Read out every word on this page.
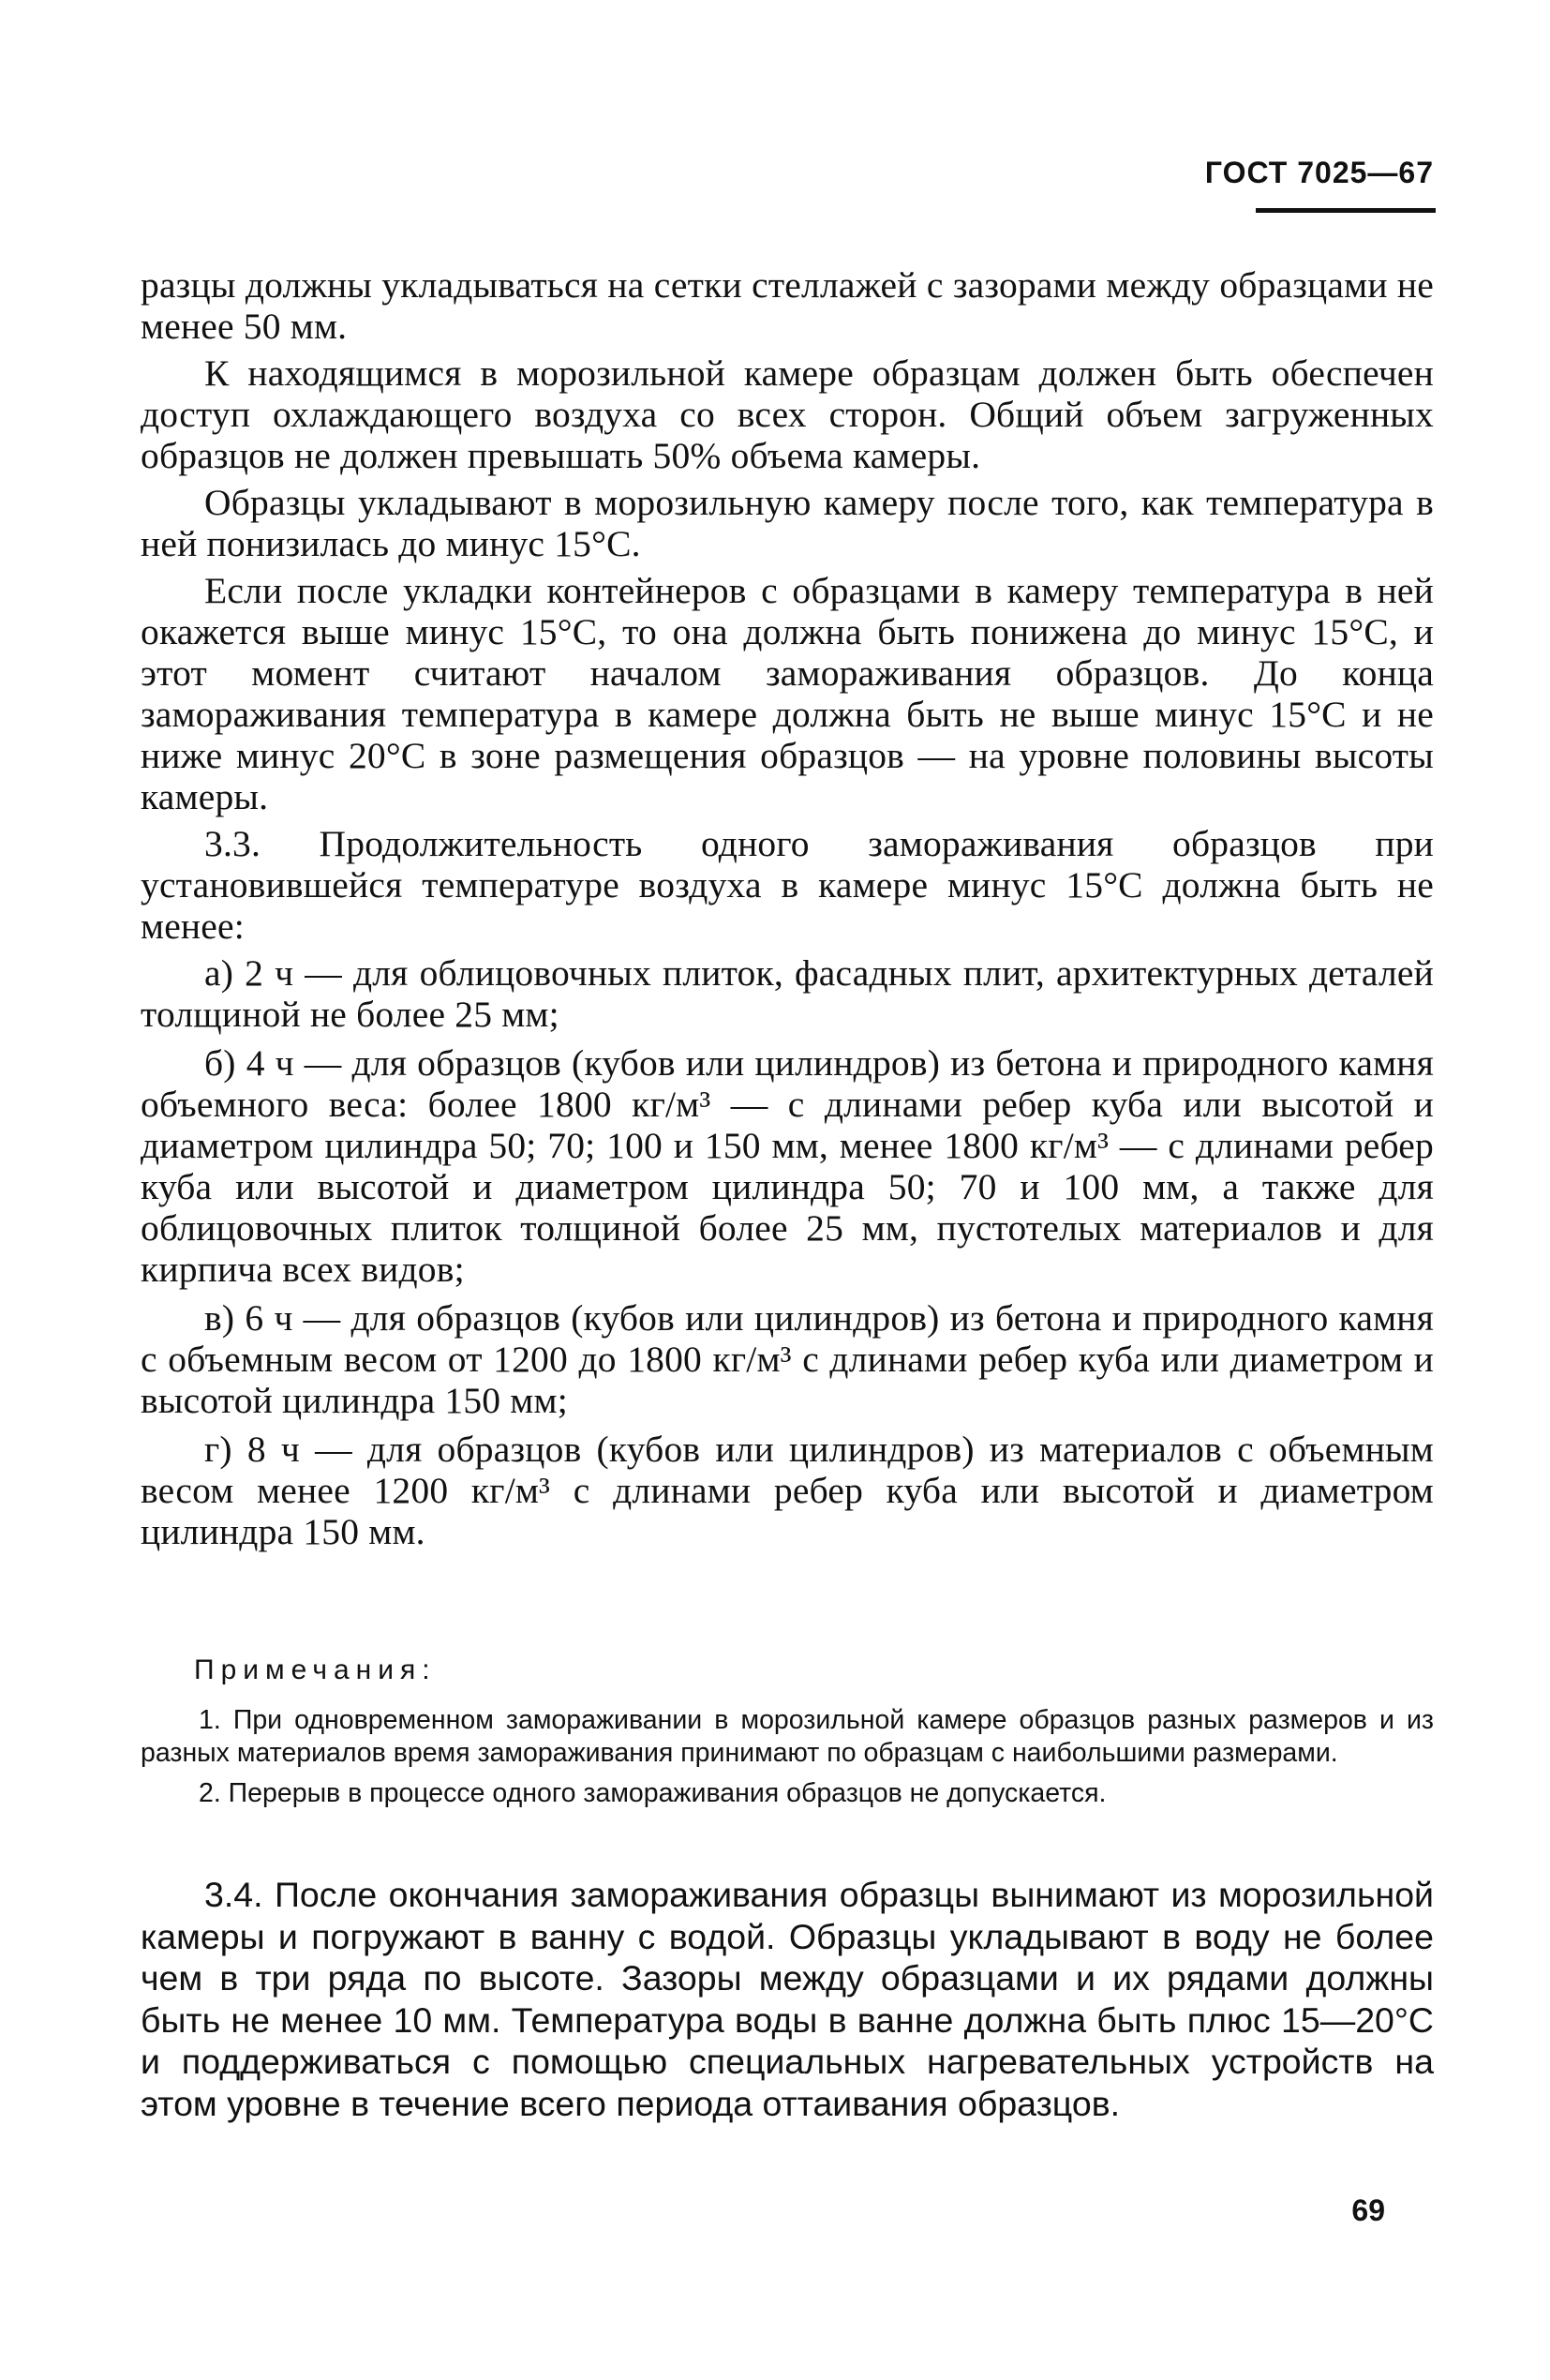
ГОСТ 7025—67

разцы должны укладываться на сетки стеллажей с зазорами между образцами не менее 50 мм.

К находящимся в морозильной камере образцам должен быть обеспечен доступ охлаждающего воздуха со всех сторон. Общий объем загруженных образцов не должен превышать 50% объема камеры.

Образцы укладывают в морозильную камеру после того, как температура в ней понизилась до минус 15°С.

Если после укладки контейнеров с образцами в камеру температура в ней окажется выше минус 15°С, то она должна быть понижена до минус 15°С, и этот момент считают началом замораживания образцов. До конца замораживания температура в камере должна быть не выше минус 15°С и не ниже минус 20°С в зоне размещения образцов — на уровне половины высоты камеры.

3.3. Продолжительность одного замораживания образцов при установившейся температуре воздуха в камере минус 15°С должна быть не менее:

а) 2 ч — для облицовочных плиток, фасадных плит, архитектурных деталей толщиной не более 25 мм;

б) 4 ч — для образцов (кубов или цилиндров) из бетона и природного камня объемного веса: более 1800 кг/м³ — с длинами ребер куба или высотой и диаметром цилиндра 50; 70; 100 и 150 мм, менее 1800 кг/м³ — с длинами ребер куба или высотой и диаметром цилиндра 50; 70 и 100 мм, а также для облицовочных плиток толщиной более 25 мм, пустотелых материалов и для кирпича всех видов;

в) 6 ч — для образцов (кубов или цилиндров) из бетона и природного камня с объемным весом от 1200 до 1800 кг/м³ с длинами ребер куба или диаметром и высотой цилиндра 150 мм;

г) 8 ч — для образцов (кубов или цилиндров) из материалов с объемным весом менее 1200 кг/м³ с длинами ребер куба или высотой и диаметром цилиндра 150 мм.

Примечания:

1. При одновременном замораживании в морозильной камере образцов разных размеров и из разных материалов время замораживания принимают по образцам с наибольшими размерами.

2. Перерыв в процессе одного замораживания образцов не допускается.

3.4. После окончания замораживания образцы вынимают из морозильной камеры и погружают в ванну с водой. Образцы укладывают в воду не более чем в три ряда по высоте. Зазоры между образцами и их рядами должны быть не менее 10 мм. Температура воды в ванне должна быть плюс 15—20°С и поддерживаться с помощью специальных нагревательных устройств на этом уровне в течение всего периода оттаивания образцов.

69
